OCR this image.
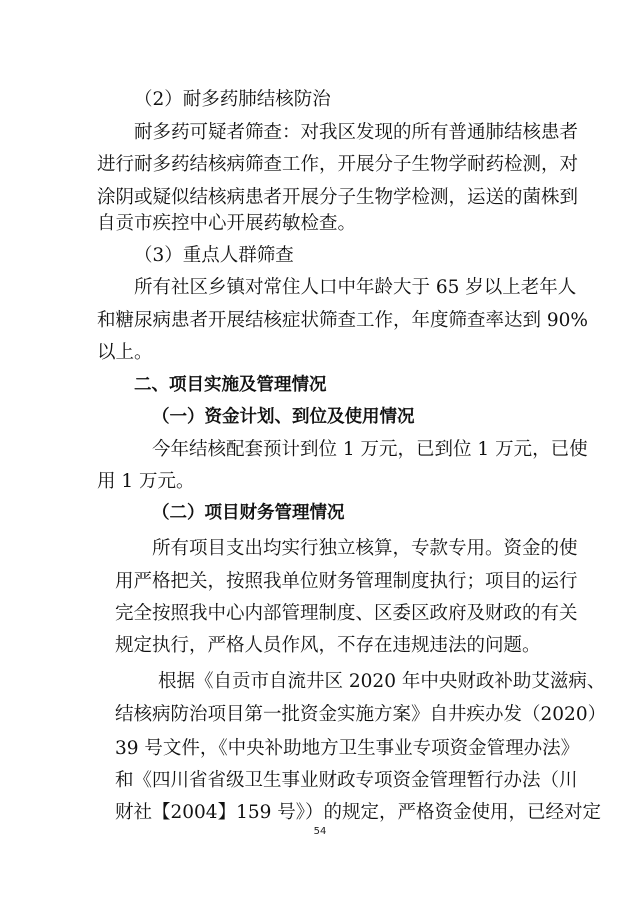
（2）耐多药肺结核防治
耐多药可疑者筛查：对我区发现的所有普通肺结核患者
进行耐多药结核病筛查工作，开展分子生物学耐药检测，对
涂阴或疑似结核病患者开展分子生物学检测，运送的菌株到
自贡市疾控中心开展药敏检查。
（3）重点人群筛查
所有社区乡镇对常住人口中年龄大于 65 岁以上老年人
和糖尿病患者开展结核症状筛查工作，年度筛查率达到 90%
以上。
二、项目实施及管理情况
（一）资金计划、到位及使用情况
今年结核配套预计到位 1 万元，已到位 1 万元，已使
用 1 万元。
（二）项目财务管理情况
所有项目支出均实行独立核算，专款专用。资金的使
用严格把关，按照我单位财务管理制度执行；项目的运行
完全按照我中心内部管理制度、区委区政府及财政的有关
规定执行，严格人员作风，不存在违规违法的问题。
根据《自贡市自流井区 2020 年中央财政补助艾滋病、
结核病防治项目第一批资金实施方案》自井疾办发（2020）
39 号文件，《中央补助地方卫生事业专项资金管理办法》
和《四川省省级卫生事业财政专项资金管理暂行办法（川
财社【2004】159 号》）的规定，严格资金使用，已经对定
54
